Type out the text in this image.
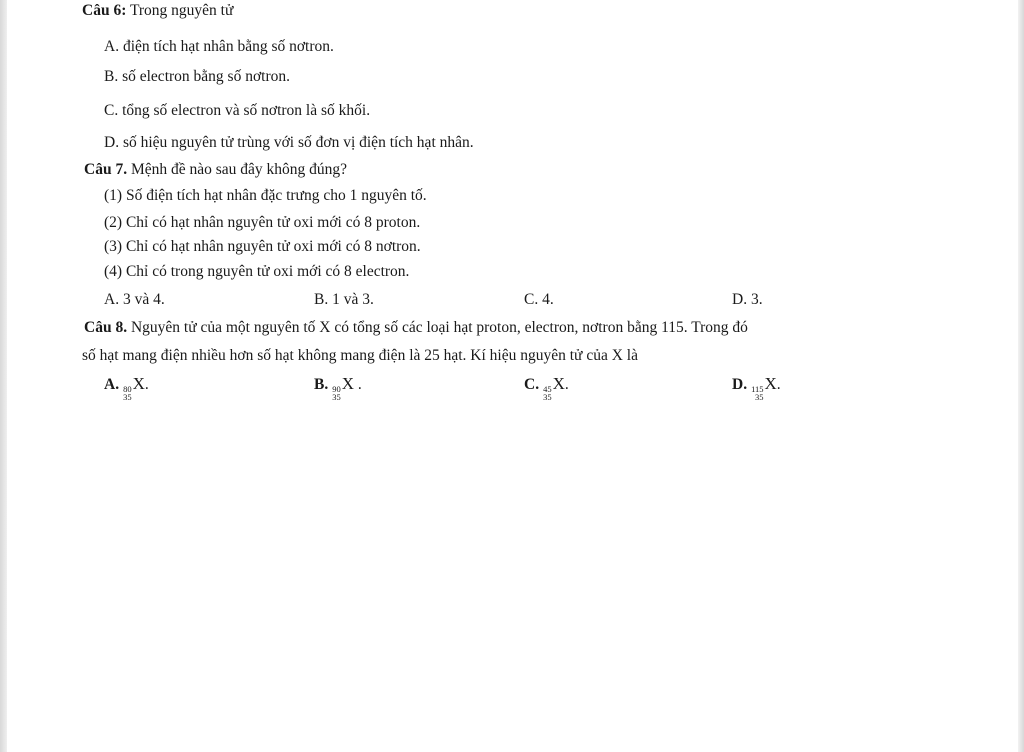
Câu 6: Trong nguyên tử
A. điện tích hạt nhân bằng số nơtron.
B. số electron bằng số nơtron.
C. tổng số electron và số nơtron là số khối.
D. số hiệu nguyên tử trùng với số đơn vị điện tích hạt nhân.
Câu 7. Mệnh đề nào sau đây không đúng?
(1) Số điện tích hạt nhân đặc trưng cho 1 nguyên tố.
(2) Chỉ có hạt nhân nguyên tử oxi mới có 8 proton.
(3) Chỉ có hạt nhân nguyên tử oxi mới có 8 nơtron.
(4) Chỉ có trong nguyên tử oxi mới có 8 electron.
A. 3 và 4.	B. 1 và 3.	C. 4.	D. 3.
Câu 8. Nguyên tử của một nguyên tố X có tổng số các loại hạt proton, electron, nơtron bằng 115. Trong đó
số hạt mang điện nhiều hơn số hạt không mang điện là 25 hạt. Kí hiệu nguyên tử của X là
A. 80
35
X.	B. 90
35
X .	C. 45
35
X.	D. 115
35
X.
